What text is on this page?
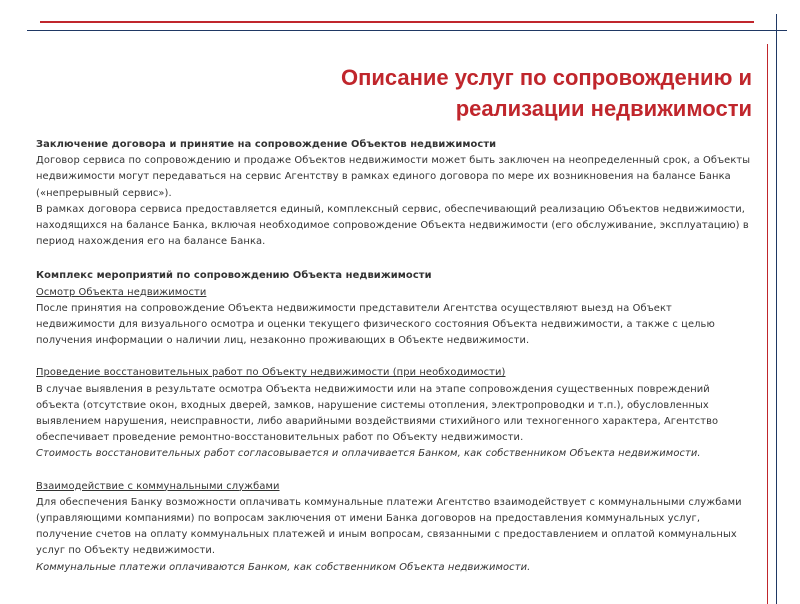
Описание услуг по сопровождению и
реализации недвижимости
Заключение договора и принятие на сопровождение Объектов недвижимости

Договор сервиса по сопровождению и продаже Объектов недвижимости может быть заключен на неопределенный срок, а Объекты недвижимости могут передаваться на сервис Агентству в рамках единого договора по мере их возникновения на балансе Банка («непрерывный сервис»).

В рамках договора сервиса предоставляется единый, комплексный сервис, обеспечивающий реализацию Объектов недвижимости, находящихся на балансе Банка, включая необходимое сопровождение Объекта недвижимости (его обслуживание, эксплуатацию) в период нахождения его на балансе Банка.

Комплекс мероприятий по сопровождению Объекта недвижимости
Осмотр Объекта недвижимости

После принятия на сопровождение Объекта недвижимости представители Агентства осуществляют выезд на Объект недвижимости для визуального осмотра и оценки текущего физического состояния Объекта недвижимости, а также с целью получения информации о наличии лиц, незаконно проживающих в Объекте недвижимости.

Проведение восстановительных работ по Объекту недвижимости (при необходимости)

В случае выявления в результате осмотра Объекта недвижимости или на этапе сопровождения существенных повреждений объекта (отсутствие окон, входных дверей, замков, нарушение системы отопления, электропроводки и т.п.), обусловленных выявлением нарушения, неисправности, либо аварийными воздействиями стихийного или техногенного характера, Агентство обеспечивает проведение ремонтно-восстановительных работ по Объекту недвижимости.

Стоимость восстановительных работ согласовывается и оплачивается Банком, как собственником Объекта недвижимости.

Взаимодействие с коммунальными службами

Для обеспечения Банку возможности оплачивать коммунальные платежи Агентство взаимодействует с коммунальными службами (управляющими компаниями) по вопросам заключения от имени Банка договоров на предоставления коммунальных услуг, получение счетов на оплату коммунальных платежей и иным вопросам, связанными с предоставлением и оплатой коммунальных услуг по Объекту недвижимости.

Коммунальные платежи оплачиваются Банком, как собственником Объекта недвижимости.
